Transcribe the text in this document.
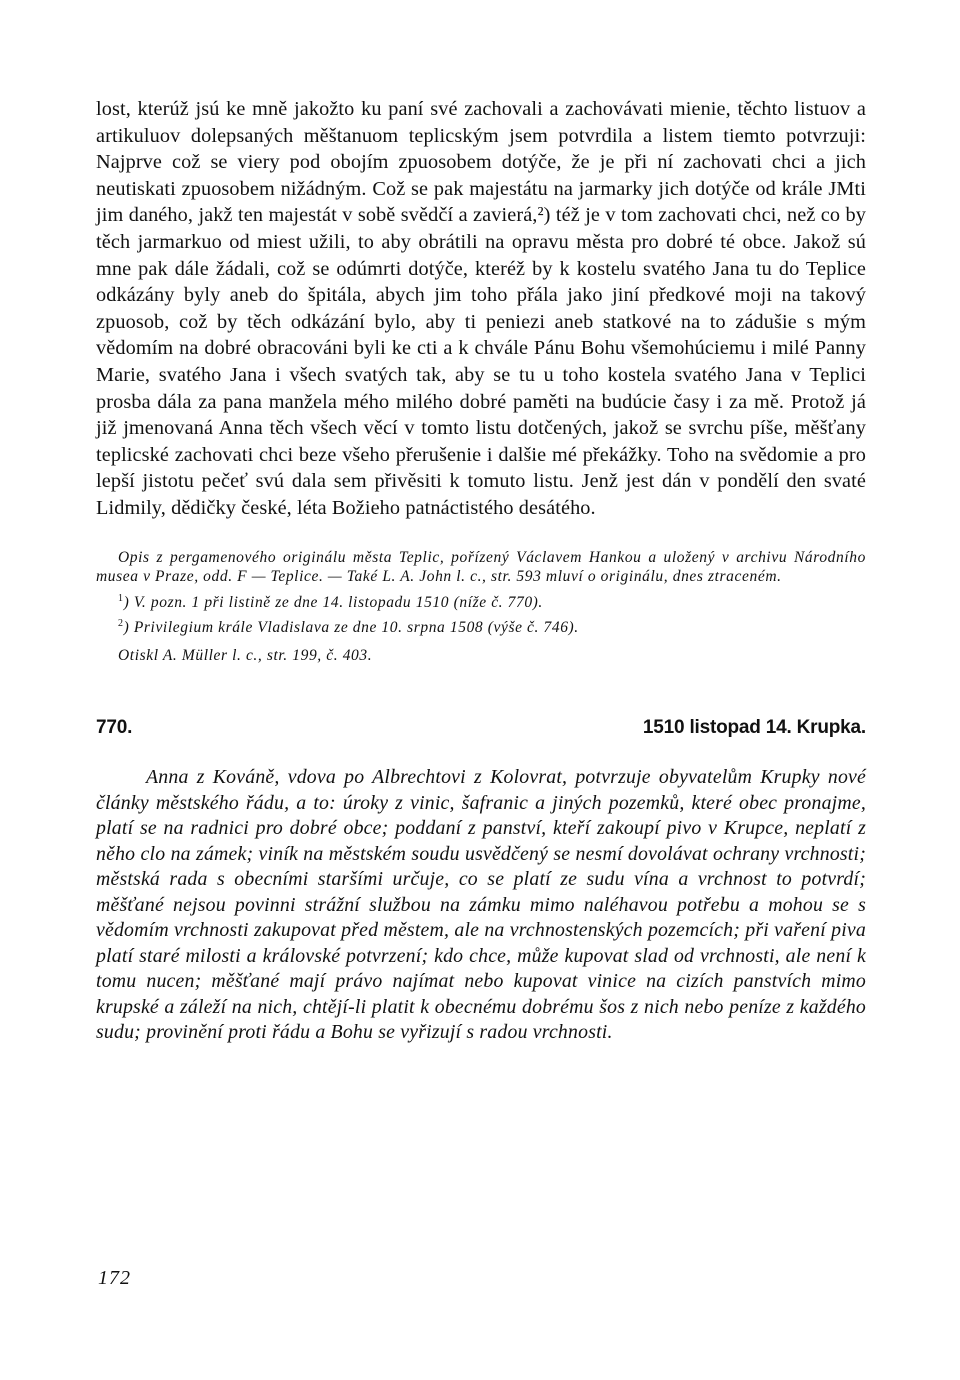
lost, kterúž jsú ke mně jakožto ku paní své zachovali a zachovávati mienie, těchto listuov a artikuluov dolepsaných měštanuom teplicským jsem potvrdila a listem tiemto potvrzuji: Najprve což se viery pod obojím zpuosobem dotýče, že je při ní zachovati chci a jich neutiskati zpuosobem nižádným. Což se pak majestátu na jarmarky jich dotýče od krále JMti jim daného, jakž ten majestát v sobě svědčí a zavierá,²) též je v tom zachovati chci, než co by těch jarmarkuo od miest užili, to aby obrátili na opravu města pro dobré té obce. Jakož sú mne pak dále žádali, což se odúmrti dotýče, kteréž by k kostelu svatého Jana tu do Teplice odkázány byly aneb do špitála, abych jim toho přála jako jiní předkové moji na takový zpuosob, což by těch odkázání bylo, aby ti peniezi aneb statkové na to zádušie s mým vědomím na dobré obracováni byli ke cti a k chvále Pánu Bohu všemohúciemu i milé Panny Marie, svatého Jana i všech svatých tak, aby se tu u toho kostela svatého Jana v Teplici prosba dála za pana manžela mého milého dobré paměti na budúcie časy i za mě. Protož já již jmenovaná Anna těch všech věcí v tomto listu dotčených, jakož se svrchu píše, měšťany teplicské zachovati chci beze všeho přerušenie i dalšie mé překážky. Toho na svědomie a pro lepší jistotu pečeť svú dala sem přivěsiti k tomuto listu. Jenž jest dán v pondělí den svaté Lidmily, dědičky české, léta Božieho patnáctistého desátého.

Opis z pergamenového originálu města Teplic, pořízený Václavem Hankou a uložený v archivu Národního musea v Praze, odd. F — Teplice. — Také L. A. John l. c., str. 593 mluví o originálu, dnes ztraceném.

$^1$) V. pozn. 1 při listině ze dne 14. listopadu 1510 (níže č. 770).

$^2$) Privilegium krále Vladislava ze dne 10. srpna 1508 (výše č. 746).

Otiskl A. Müller l. c., str. 199, č. 403.

770.	1510 listopad 14. Krupka.

Anna z Kováně, vdova po Albrechtovi z Kolovrat, potvrzuje obyvatelům Krupky nové články městského řádu, a to: úroky z vinic, šafranic a jiných pozemků, které obec pronajme, platí se na radnici pro dobré obce; poddaní z panství, kteří zakoupí pivo v Krupce, neplatí z něho clo na zámek; viník na městském soudu usvědčený se nesmí dovolávat ochrany vrchnosti; městská rada s obecními staršími určuje, co se platí ze sudu vína a vrchnost to potvrdí; měšťané nejsou povinni strážní službou na zámku mimo naléhavou potřebu a mohou se s vědomím vrchnosti zakupovat před městem, ale na vrchnostenských pozemcích; při vaření piva platí staré milosti a královské potvrzení; kdo chce, může kupovat slad od vrchnosti, ale není k tomu nucen; měšťané mají právo najímat nebo kupovat vinice na cizích panstvích mimo krupské a záleží na nich, chtějí-li platit k obecnému dobrému šos z nich nebo peníze z každého sudu; provinění proti řádu a Bohu se vyřizují s radou vrchnosti.

172
